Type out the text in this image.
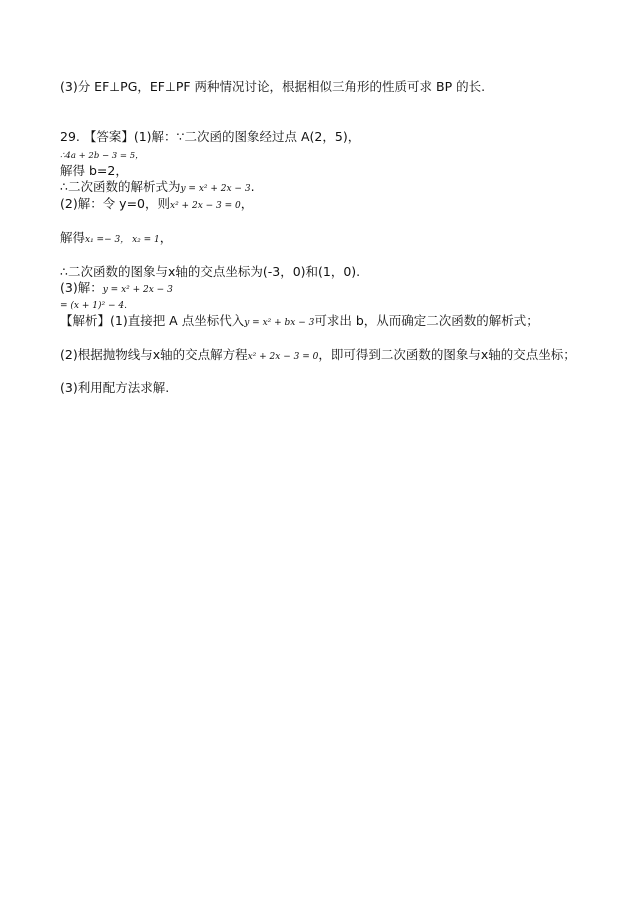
(3)分 EF⊥PG，EF⊥PF 两种情况讨论，根据相似三角形的性质可求 BP 的长.
29. 【答案】(1)解：∵二次函的图象经过点 A(2，5)，
∴4a + 2b − 3 = 5，
解得 b=2，
∴二次函数的解析式为y = x² + 2x − 3.
(2)解：令 y=0，则x² + 2x − 3 = 0，
解得x₁ =− 3， x₂ = 1，
∴二次函数的图象与x轴的交点坐标为(-3，0)和(1，0).
(3)解：y = x² + 2x − 3
= (x + 1)² − 4.
【解析】(1)直接把 A 点坐标代入y = x² + bx − 3可求出 b，从而确定二次函数的解析式；
(2)根据抛物线与x轴的交点解方程x² + 2x − 3 = 0，即可得到二次函数的图象与x轴的交点坐标；
(3)利用配方法求解.
